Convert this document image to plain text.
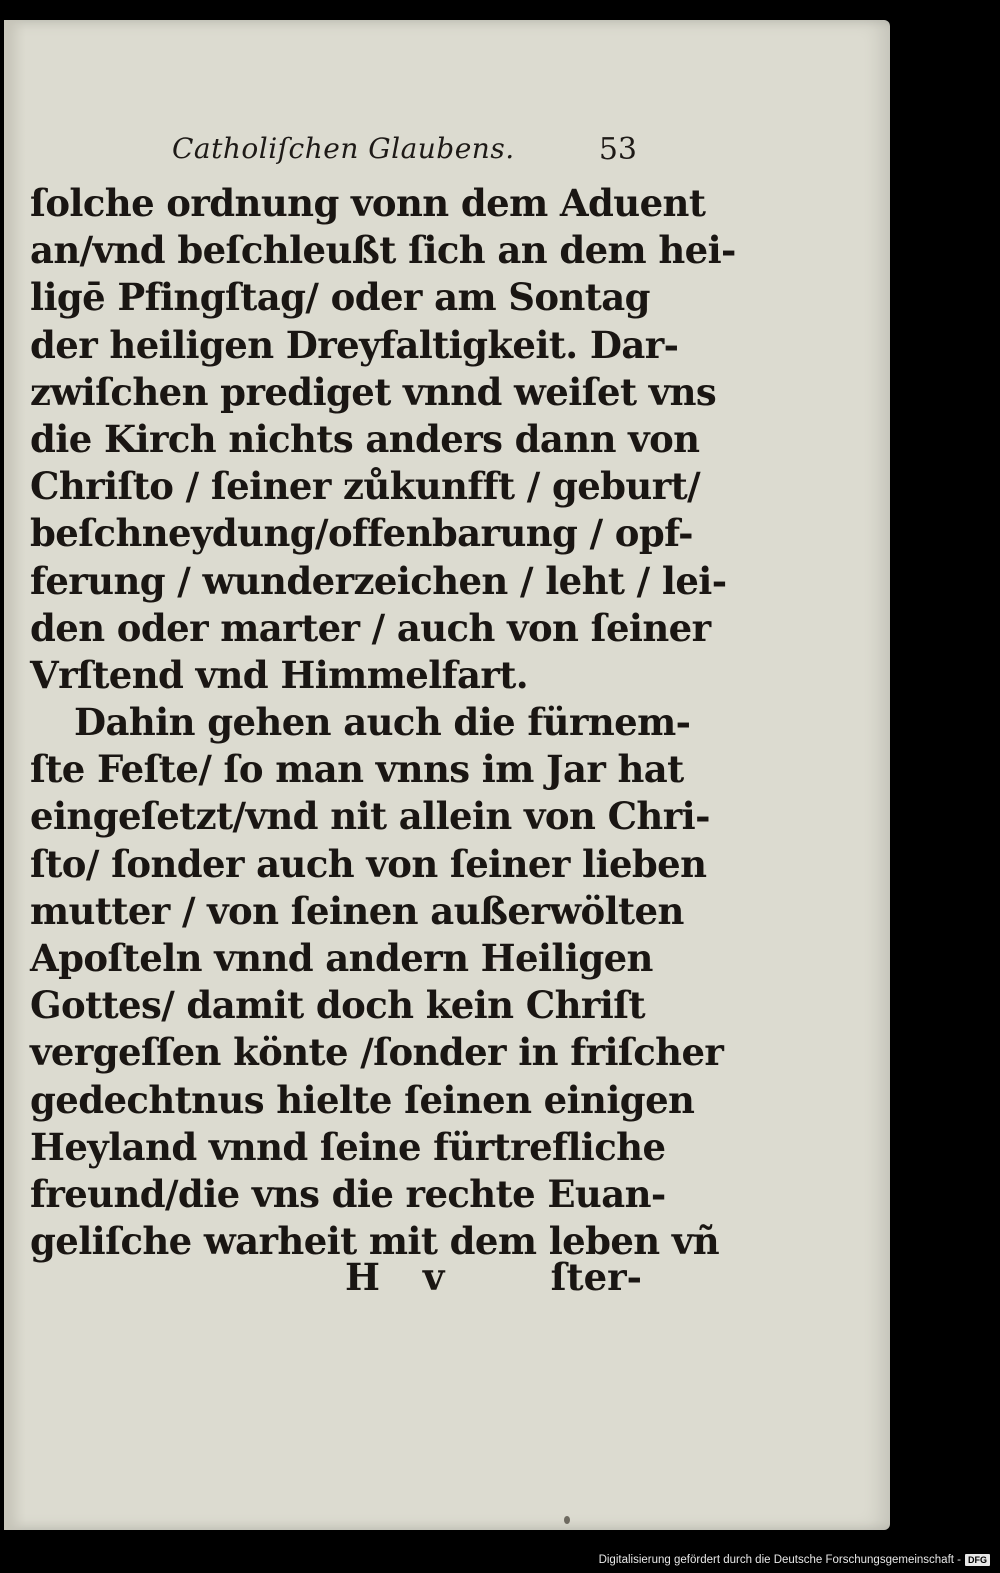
Catholiſchen Glaubens.	53
ſolche ordnung vonn dem Aduent
an/vnd beſchleußt ſich an dem hei-
ligē Pfingſtag/ oder am Sontag
der heiligen Dreyfaltigkeit. Dar-
zwiſchen prediget vnnd weiſet vns
die Kirch nichts anders dann von
Chriſto / ſeiner zůkunfft / geburt/
beſchneydung/offenbarung / opf-
ferung / wunderzeichen / leht / lei-
den oder marter / auch von ſeiner
Vrſtend vnd Himmelfart.
Dahin gehen auch die fürnem-
ſte Feſte/ ſo man vnns im Jar hat
eingeſetzt/vnd nit allein von Chri-
ſto/ ſonder auch von ſeiner lieben
mutter / von ſeinen außerwölten
Apoſteln vnnd andern Heiligen
Gottes/ damit doch kein Chriſt
vergeſſen könte /ſonder in friſcher
gedechtnus hielte ſeinen einigen
Heyland vnnd ſeine fürtrefliche
freund/die vns die rechte Euan-
geliſche warheit mit dem leben vñ
H v	ſter-
Digitalisierung gefördert durch die Deutsche Forschungsgemeinschaft - DFG
